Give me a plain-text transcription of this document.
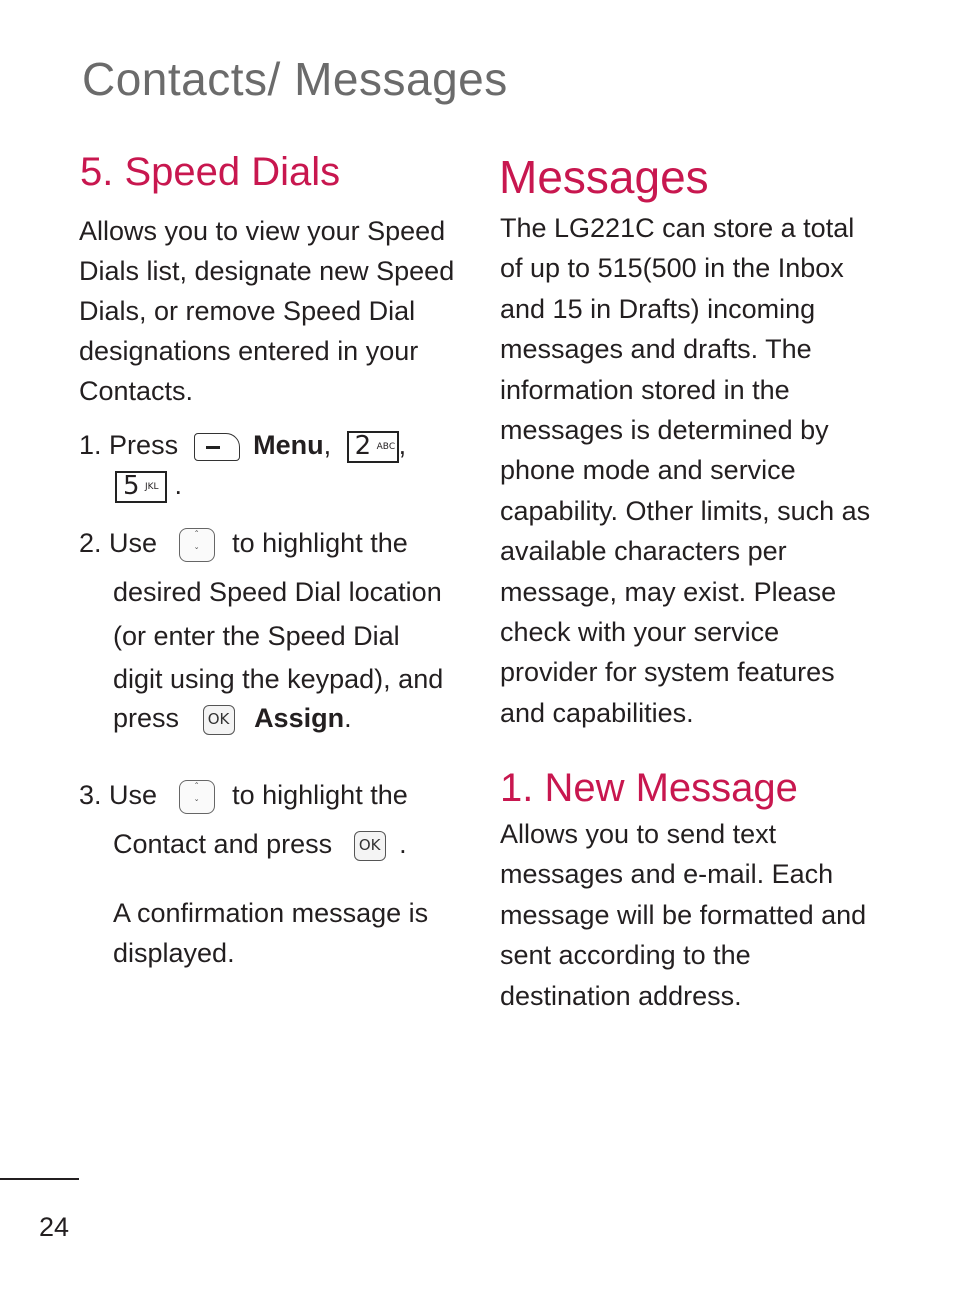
Contacts/ Messages
5. Speed Dials
Allows you to view your Speed
Dials list, designate new Speed
Dials, or remove Speed Dial
designations entered in your
Contacts.
1. Press	Menu, 2 ABC ,
5 JKL .
2. Use	ˆ
ˇ	to highlight the
desired Speed Dial location
(or enter the Speed Dial
digit using the keypad), and
press OK Assign.
3. Use	ˆ
ˇ	to highlight the
Contact and press OK .
A confirmation message is
displayed.
Messages
The LG221C can store a total
of up to 515(500 in the Inbox
and 15 in Drafts) incoming
messages and drafts. The
information stored in the
messages is determined by
phone mode and service
capability. Other limits, such as
available characters per
message, may exist. Please
check with your service
provider for system features
and capabilities.
1. New Message
Allows you to send text
messages and e-mail. Each
message will be formatted and
sent according to the
destination address.
24
